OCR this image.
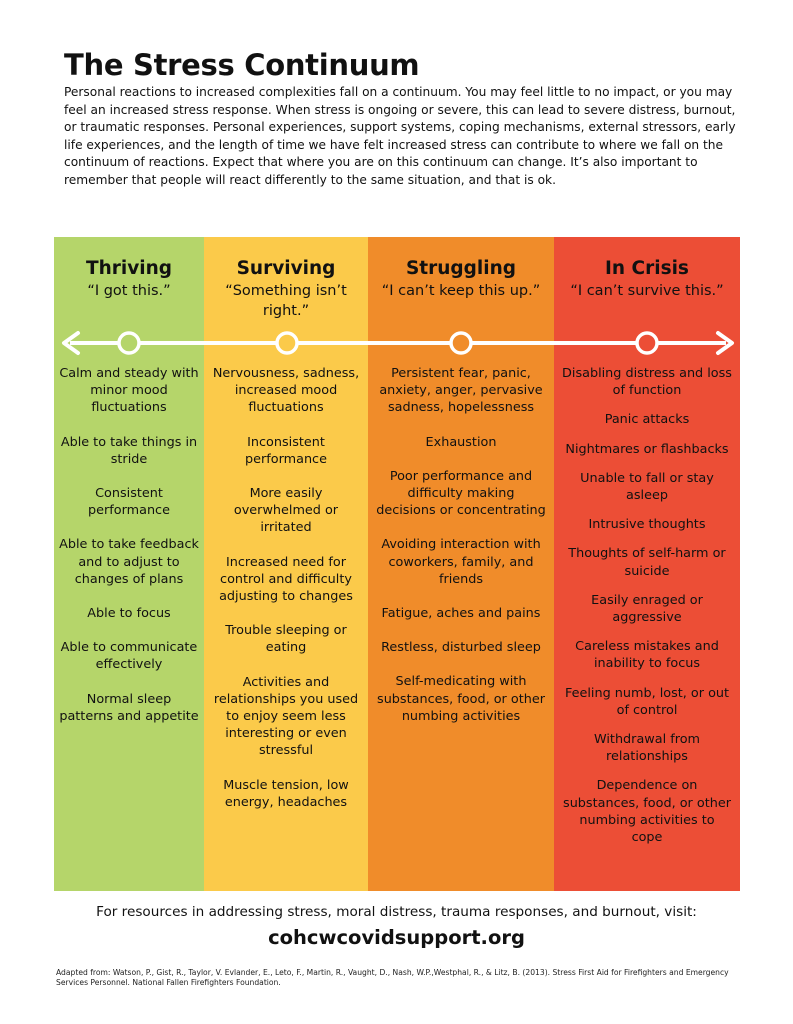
The Stress Continuum

Personal reactions to increased complexities fall on a continuum. You may feel little to no impact, or you may feel an increased stress response. When stress is ongoing or severe, this can lead to severe distress, burnout, or traumatic responses. Personal experiences, support systems, coping mechanisms, external stressors, early life experiences, and the length of time we have felt increased stress can contribute to where we fall on the continuum of reactions. Expect that where you are on this continuum can change. It’s also important to remember that people will react differently to the same situation, and that is ok.

Thriving
“I got this.”

Calm and steady with minor mood fluctuations

Able to take things in stride

Consistent performance

Able to take feedback and to adjust to changes of plans

Able to focus

Able to communicate effectively

Normal sleep patterns and appetite

Surviving
“Something isn’t right.”

Nervousness, sadness, increased mood fluctuations

Inconsistent performance

More easily overwhelmed or irritated

Increased need for control and difficulty adjusting to changes

Trouble sleeping or eating

Activities and relationships you used to enjoy seem less interesting or even stressful

Muscle tension, low energy, headaches

Struggling
“I can’t keep this up.”

Persistent fear, panic, anxiety, anger, pervasive sadness, hopelessness

Exhaustion

Poor performance and difficulty making decisions or concentrating

Avoiding interaction with coworkers, family, and friends

Fatigue, aches and pains

Restless, disturbed sleep

Self-medicating with substances, food, or other numbing activities

In Crisis
“I can’t survive this.”

Disabling distress and loss of function

Panic attacks

Nightmares or flashbacks

Unable to fall or stay asleep

Intrusive thoughts

Thoughts of self-harm or suicide

Easily enraged or aggressive

Careless mistakes and inability to focus

Feeling numb, lost, or out of control

Withdrawal from relationships

Dependence on substances, food, or other numbing activities to cope

For resources in addressing stress, moral distress, trauma responses, and burnout, visit:

cohcwcovidsupport.org

Adapted from: Watson, P., Gist, R., Taylor, V. Evlander, E., Leto, F., Martin, R., Vaught, D., Nash, W.P.,Westphal, R., & Litz, B. (2013). Stress First Aid for Firefighters and Emergency Services Personnel. National Fallen Firefighters Foundation.
